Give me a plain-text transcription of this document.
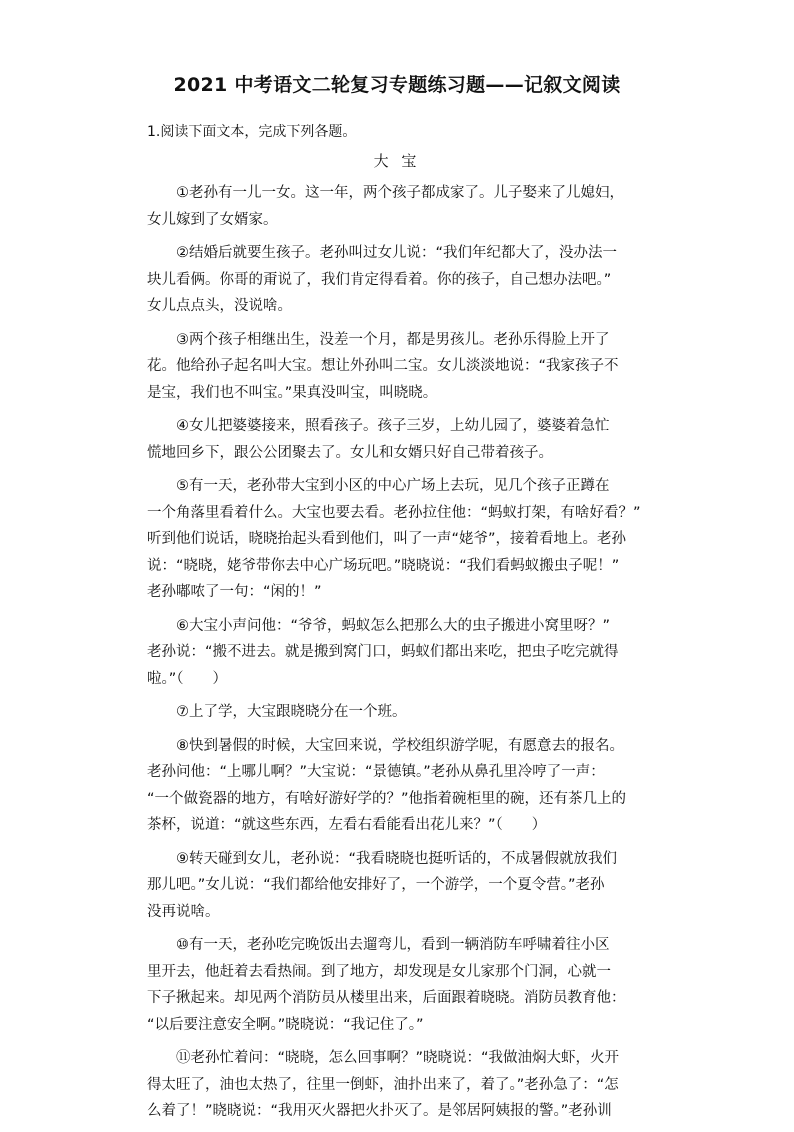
2021 中考语文二轮复习专题练习题——记叙文阅读
1.阅读下面文本，完成下列各题。
大 宝
①老孙有一儿一女。这一年，两个孩子都成家了。儿子娶来了儿媳妇，
女儿嫁到了女婿家。
②结婚后就要生孩子。老孙叫过女儿说：“我们年纪都大了，没办法一
块儿看俩。你哥的甭说了，我们肯定得看着。你的孩子，自己想办法吧。”
女儿点点头，没说啥。
③两个孩子相继出生，没差一个月，都是男孩儿。老孙乐得脸上开了
花。他给孙子起名叫大宝。想让外孙叫二宝。女儿淡淡地说：“我家孩子不
是宝，我们也不叫宝。”果真没叫宝，叫晓晓。
④女儿把婆婆接来，照看孩子。孩子三岁，上幼儿园了，婆婆着急忙
慌地回乡下，跟公公团聚去了。女儿和女婿只好自己带着孩子。
⑤有一天，老孙带大宝到小区的中心广场上去玩，见几个孩子正蹲在
一个角落里看着什么。大宝也要去看。老孙拉住他：“蚂蚁打架，有啥好看？”
听到他们说话，晓晓抬起头看到他们，叫了一声“姥爷”，接着看地上。老孙
说：“晓晓，姥爷带你去中心广场玩吧。”晓晓说：“我们看蚂蚁搬虫子呢！”
老孙嘟哝了一句：“闲的！”
⑥大宝小声问他：“爷爷，蚂蚁怎么把那么大的虫子搬进小窝里呀？”
老孙说：“搬不进去。就是搬到窝门口，蚂蚁们都出来吃，把虫子吃完就得
啦。”（　　）
⑦上了学，大宝跟晓晓分在一个班。
⑧快到暑假的时候，大宝回来说，学校组织游学呢，有愿意去的报名。
老孙问他：“上哪儿啊？”大宝说：“景德镇。”老孙从鼻孔里冷哼了一声：
“一个做瓷器的地方，有啥好游好学的？”他指着碗柜里的碗，还有茶几上的
茶杯，说道：“就这些东西，左看右看能看出花儿来？”（　　）
⑨转天碰到女儿，老孙说：“我看晓晓也挺听话的，不成暑假就放我们
那儿吧。”女儿说：“我们都给他安排好了，一个游学，一个夏令营。”老孙
没再说啥。
⑩有一天，老孙吃完晚饭出去遛弯儿，看到一辆消防车呼啸着往小区
里开去，他赶着去看热闹。到了地方，却发现是女儿家那个门洞，心就一
下子揪起来。却见两个消防员从楼里出来，后面跟着晓晓。消防员教育他：
“以后要注意安全啊。”晓晓说：“我记住了。”
⑪老孙忙着问：“晓晓，怎么回事啊？”晓晓说：“我做油焖大虾，火开
得太旺了，油也太热了，往里一倒虾，油扑出来了，着了。”老孙急了：“怎
么着了！”晓晓说：“我用灭火器把火扑灭了。是邻居阿姨报的警。”老孙训
